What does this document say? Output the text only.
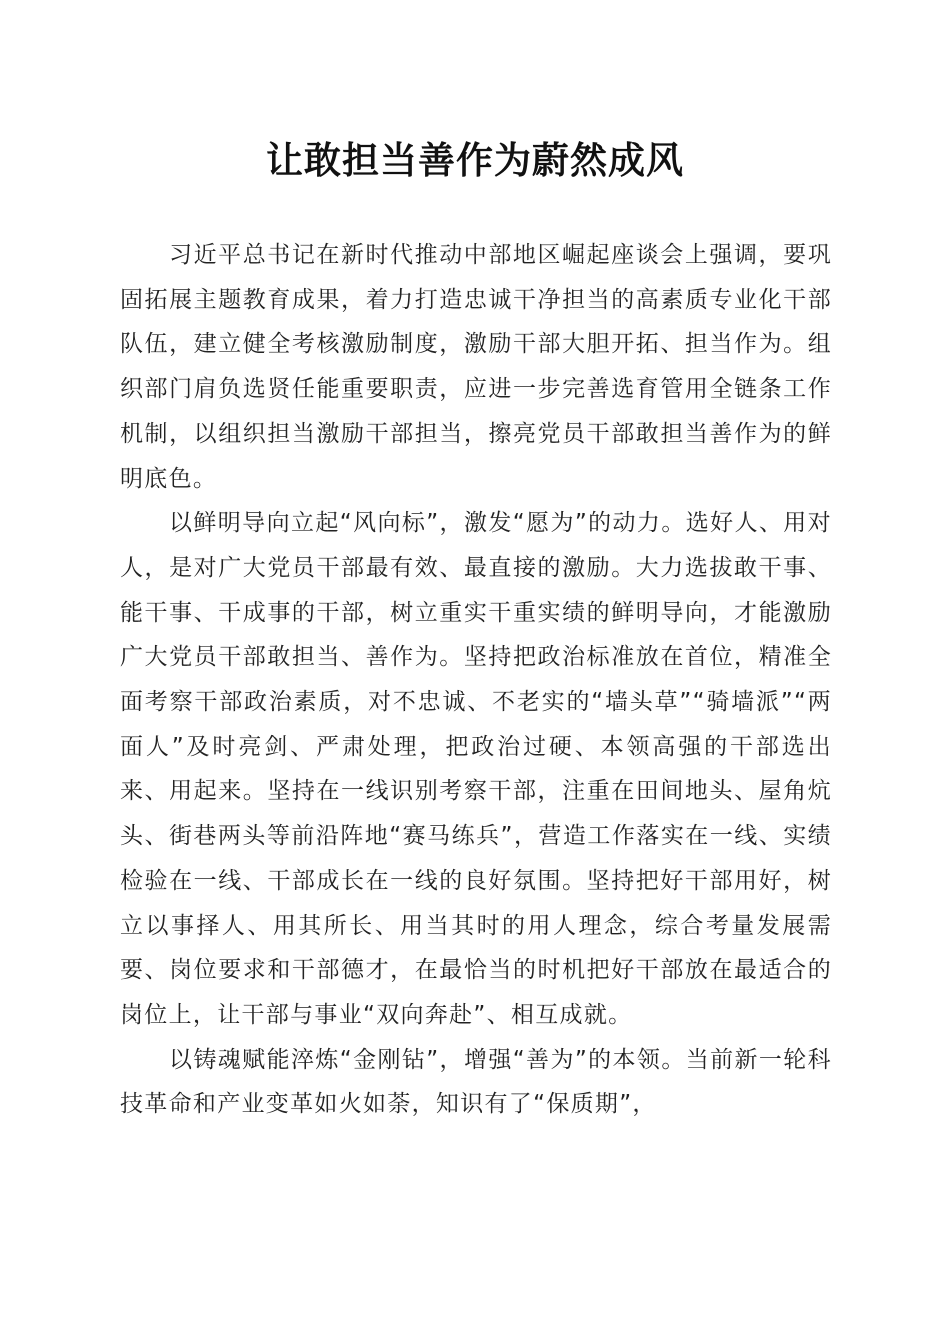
让敢担当善作为蔚然成风

习近平总书记在新时代推动中部地区崛起座谈会上强调，要巩固拓展主题教育成果，着力打造忠诚干净担当的高素质专业化干部队伍，建立健全考核激励制度，激励干部大胆开拓、担当作为。组织部门肩负选贤任能重要职责，应进一步完善选育管用全链条工作机制，以组织担当激励干部担当，擦亮党员干部敢担当善作为的鲜明底色。

以鲜明导向立起“风向标”，激发“愿为”的动力。选好人、用对人，是对广大党员干部最有效、最直接的激励。大力选拔敢干事、能干事、干成事的干部，树立重实干重实绩的鲜明导向，才能激励广大党员干部敢担当、善作为。坚持把政治标准放在首位，精准全面考察干部政治素质，对不忠诚、不老实的“墙头草”“骑墙派”“两面人”及时亮剑、严肃处理，把政治过硬、本领高强的干部选出来、用起来。坚持在一线识别考察干部，注重在田间地头、屋角炕头、街巷两头等前沿阵地“赛马练兵”，营造工作落实在一线、实绩检验在一线、干部成长在一线的良好氛围。坚持把好干部用好，树立以事择人、用其所长、用当其时的用人理念，综合考量发展需要、岗位要求和干部德才，在最恰当的时机把好干部放在最适合的岗位上，让干部与事业“双向奔赴”、相互成就。

以铸魂赋能淬炼“金刚钻”，增强“善为”的本领。当前新一轮科技革命和产业变革如火如荼，知识有了“保质期”，
